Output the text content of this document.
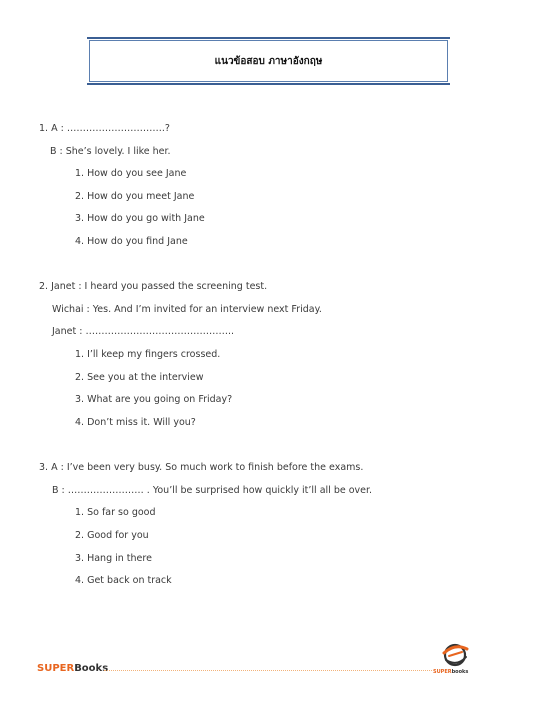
แนวข้อสอบ ภาษาอังกฤษ
1. A : ………………………….?
B : She’s lovely. I like her.
1. How do you see Jane
2. How do you meet Jane
3. How do you go with Jane
4. How do you find Jane
2. Janet : I heard you passed the screening test.
Wichai : Yes. And I’m invited for an interview next Friday.
Janet : ………………………………………..
1. I’ll keep my fingers crossed.
2. See you at the interview
3. What are you going on Friday?
4. Don’t miss it. Will you?
3. A : I’ve been very busy. So much work to finish before the exams.
B : …………………… . You’ll be surprised how quickly it’ll all be over.
1. So far so good
2. Good for you
3. Hang in there
4. Get back on track
SUPERBooks	SUPERbooks
